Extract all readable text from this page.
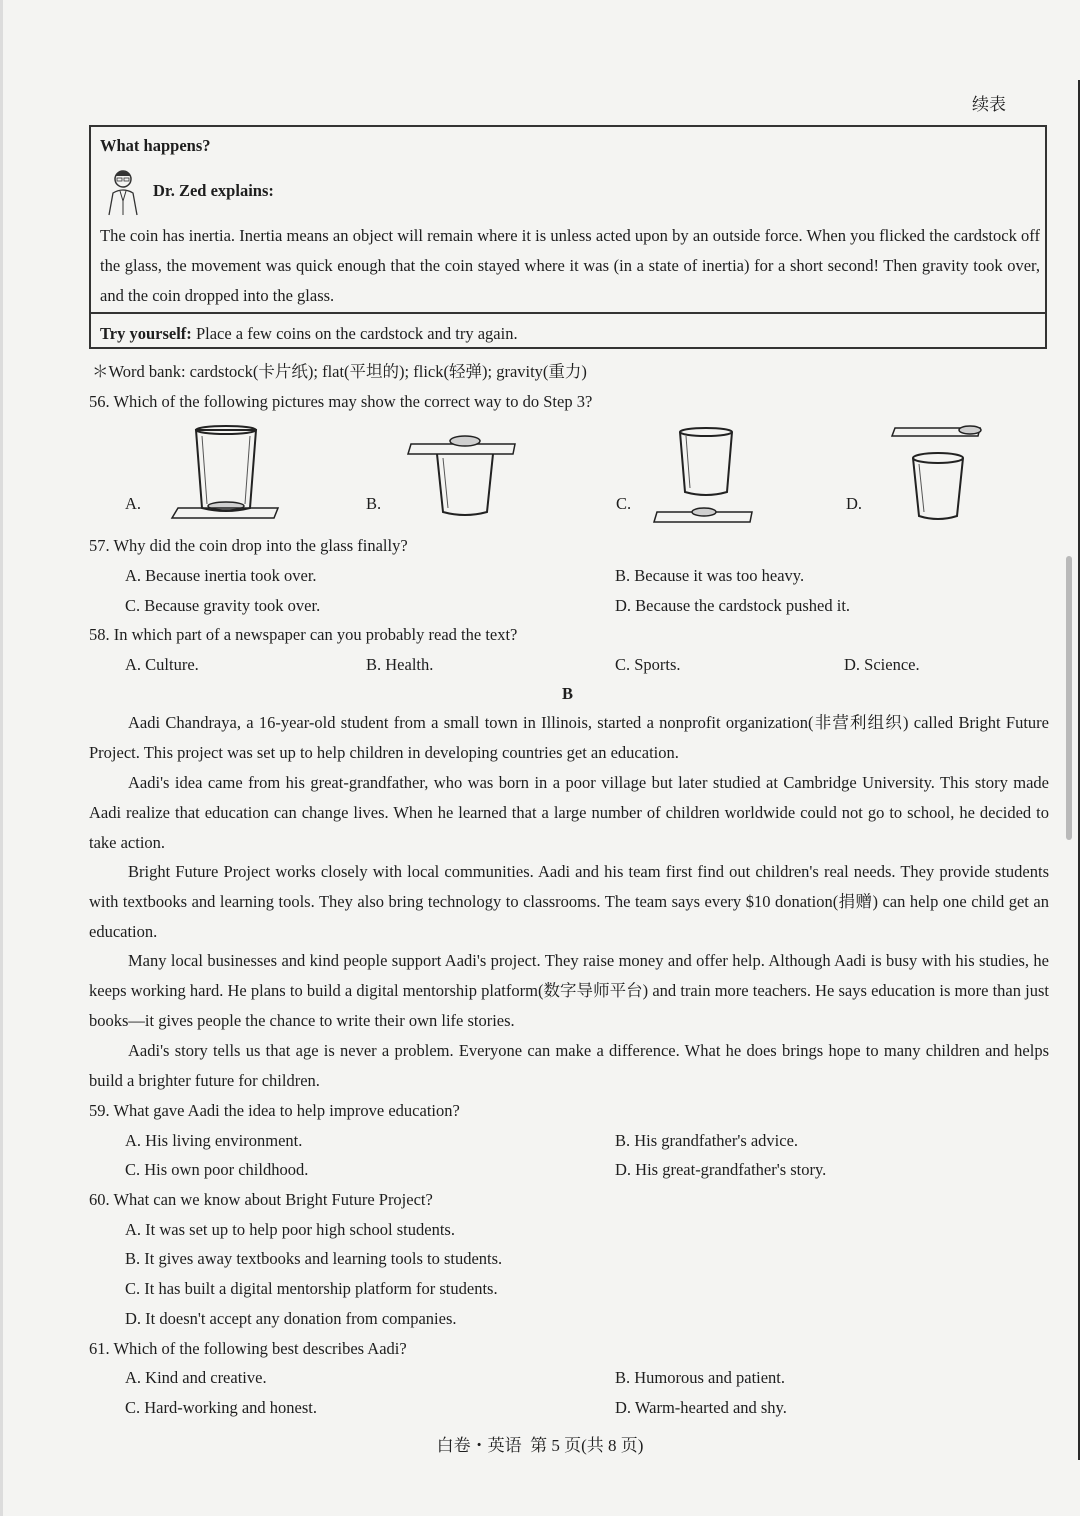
续表
What happens?
Dr. Zed explains:
The coin has inertia. Inertia means an object will remain where it is unless acted upon by an outside force. When you flicked the cardstock off the glass, the movement was quick enough that the coin stayed where it was (in a state of inertia) for a short second! Then gravity took over, and the coin dropped into the glass.
Try yourself: Place a few coins on the cardstock and try again.
＊Word bank: cardstock(卡片纸); flat(平坦的); flick(轻弹); gravity(重力)
56. Which of the following pictures may show the correct way to do Step 3?
A.	B.	C.	D.
57. Why did the coin drop into the glass finally?
A. Because inertia took over.	B. Because it was too heavy.
C. Because gravity took over.	D. Because the cardstock pushed it.
58. In which part of a newspaper can you probably read the text?
A. Culture.	B. Health.	C. Sports.	D. Science.
B
Aadi Chandraya, a 16-year-old student from a small town in Illinois, started a nonprofit organization(非营利组织) called Bright Future Project. This project was set up to help children in developing countries get an education.
Aadi's idea came from his great-grandfather, who was born in a poor village but later studied at Cambridge University. This story made Aadi realize that education can change lives. When he learned that a large number of children worldwide could not go to school, he decided to take action.
Bright Future Project works closely with local communities. Aadi and his team first find out children's real needs. They provide students with textbooks and learning tools. They also bring technology to classrooms. The team says every $10 donation(捐赠) can help one child get an education.
Many local businesses and kind people support Aadi's project. They raise money and offer help. Although Aadi is busy with his studies, he keeps working hard. He plans to build a digital mentorship platform(数字导师平台) and train more teachers. He says education is more than just books—it gives people the chance to write their own life stories.
Aadi's story tells us that age is never a problem. Everyone can make a difference. What he does brings hope to many children and helps build a brighter future for children.
59. What gave Aadi the idea to help improve education?
A. His living environment.	B. His grandfather's advice.
C. His own poor childhood.	D. His great-grandfather's story.
60. What can we know about Bright Future Project?
A. It was set up to help poor high school students.
B. It gives away textbooks and learning tools to students.
C. It has built a digital mentorship platform for students.
D. It doesn't accept any donation from companies.
61. Which of the following best describes Aadi?
A. Kind and creative.	B. Humorous and patient.
C. Hard-working and honest.	D. Warm-hearted and shy.
白卷・英语  第 5 页(共 8 页)
